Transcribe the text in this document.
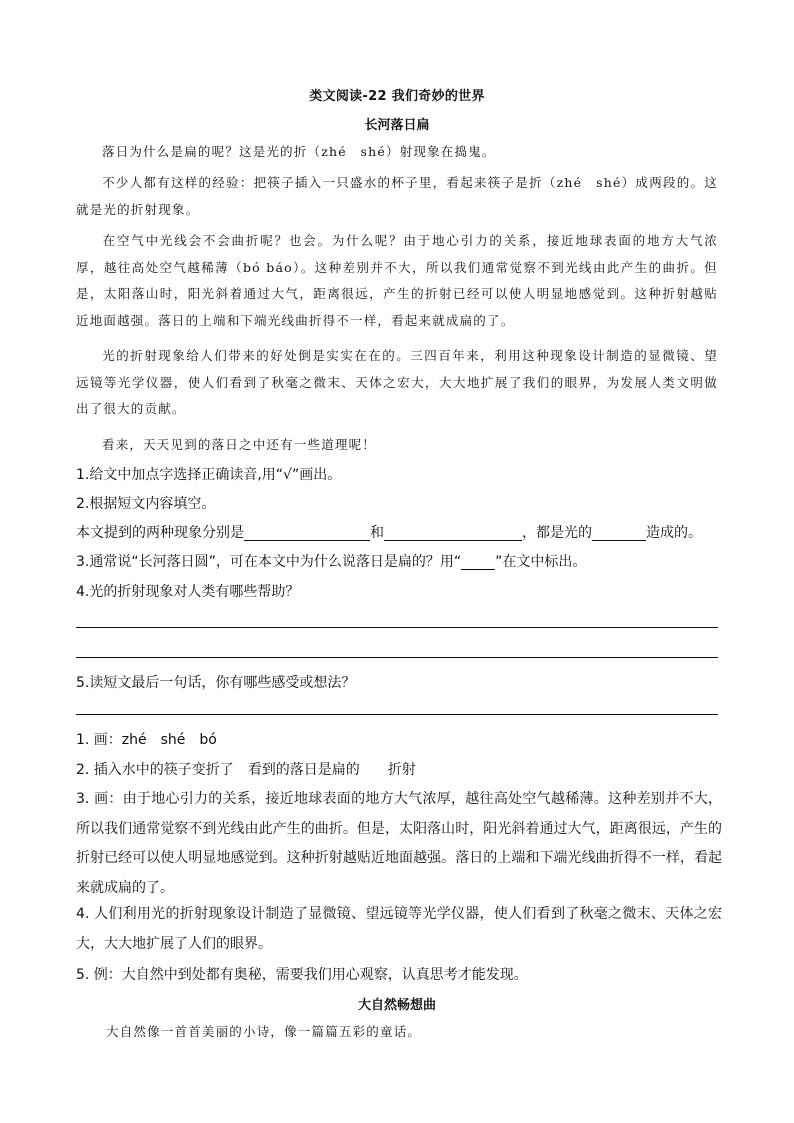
类文阅读-22 我们奇妙的世界
长河落日扁
落日为什么是扁的呢？这是光的折（zhé　shé）射现象在捣鬼。
不少人都有这样的经验：把筷子插入一只盛水的杯子里，看起来筷子是折（zhé　shé）成两段的。这就是光的折射现象。
在空气中光线会不会曲折呢？也会。为什么呢？由于地心引力的关系，接近地球表面的地方大气浓厚，越往高处空气越稀薄（bó báo）。这种差别并不大，所以我们通常觉察不到光线由此产生的曲折。但是，太阳落山时，阳光斜着通过大气，距离很远，产生的折射已经可以使人明显地感觉到。这种折射越贴近地面越强。落日的上端和下端光线曲折得不一样，看起来就成扁的了。
光的折射现象给人们带来的好处倒是实实在在的。三四百年来，利用这种现象设计制造的显微镜、望远镜等光学仪器，使人们看到了秋毫之微末、天体之宏大，大大地扩展了我们的眼界，为发展人类文明做出了很大的贡献。
看来，天天见到的落日之中还有一些道理呢！
1.给文中加点字选择正确读音,用“√”画出。
2.根据短文内容填空。
本文提到的两种现象分别是	和	，都是光的	造成的。
3.通常说“长河落日圆”，可在本文中为什么说落日是扁的？用“ ”在文中标出。
4.光的折射现象对人类有哪些帮助？
5.读短文最后一句话，你有哪些感受或想法？
1. 画：zhé　shé　bó
2. 插入水中的筷子变折了 看到的落日是扁的 折射
3. 画：由于地心引力的关系，接近地球表面的地方大气浓厚，越往高处空气越稀薄。这种差别并不大，所以我们通常觉察不到光线由此产生的曲折。但是，太阳落山时，阳光斜着通过大气，距离很远，产生的折射已经可以使人明显地感觉到。这种折射越贴近地面越强。落日的上端和下端光线曲折得不一样，看起来就成扁的了。
4. 人们利用光的折射现象设计制造了显微镜、望远镜等光学仪器，使人们看到了秋毫之微末、天体之宏大，大大地扩展了人们的眼界。
5. 例：大自然中到处都有奥秘，需要我们用心观察，认真思考才能发现。
大自然畅想曲
大自然像一首首美丽的小诗，像一篇篇五彩的童话。
